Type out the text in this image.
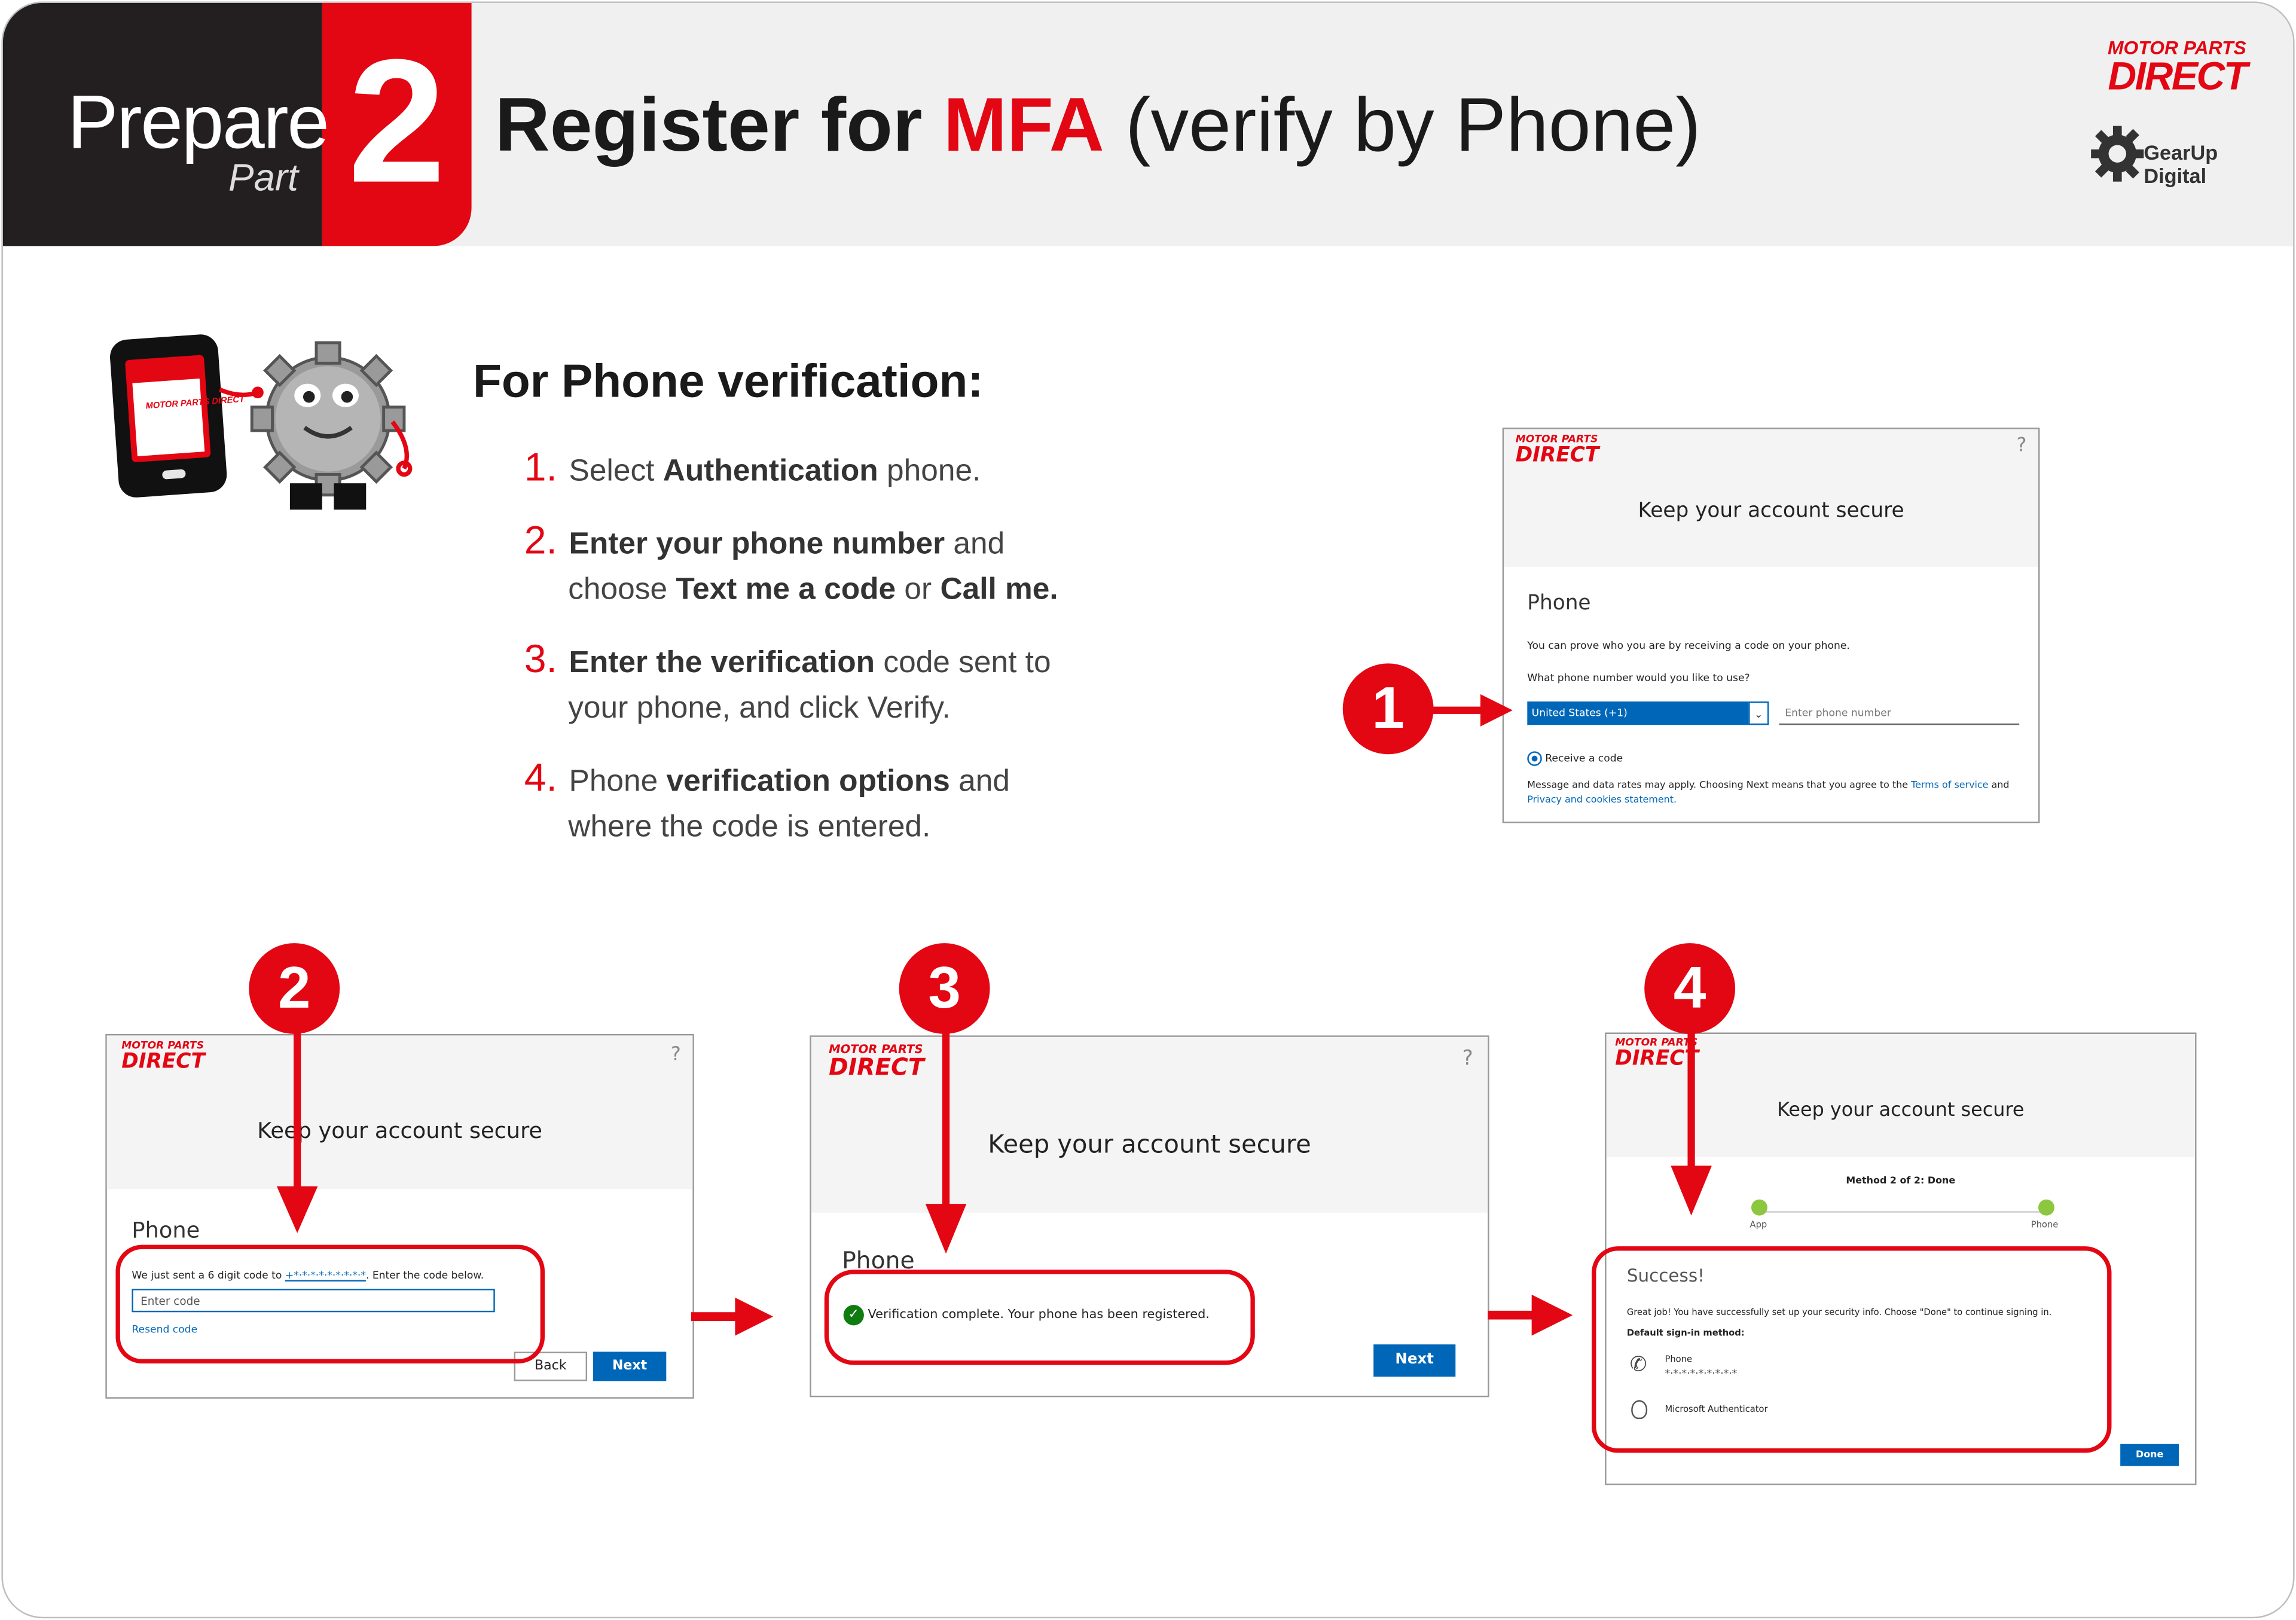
Prepare
Part 2	Register for MFA (verify by Phone)
MOTOR PARTS
DIRECT
GearUp
Digital
MOTOR PARTS DIRECT	For Phone verification:
1. Select Authentication phone.
2. Enter your phone number and
choose Text me a code or Call me.
3. Enter the verification code sent to
your phone, and click Verify.
4. Phone verification options and
where the code is entered.
MOTOR PARTS
DIRECT	?
Keep your account secure
Phone
You can prove who you are by receiving a code on your phone.
What phone number would you like to use?
United States (+1)	⌄	Enter phone number
Receive a code
Message and data rates may apply. Choosing Next means that you agree to the Terms of service and Privacy and cookies statement.
1
MOTOR PARTS
DIRECT	?
Keep your account secure
Phone
We just sent a 6 digit code to +*·*·*·*·*·*·*·*·*. Enter the code below.
Enter code
Resend code
Back	Next
2
MOTOR PARTS
DIRECT	?
Keep your account secure
Phone
✓ Verification complete. Your phone has been registered.
Next
3
MOTOR PARTS
DIRECT
Keep your account secure
Method 2 of 2: Done
App	Phone
Success!
Great job! You have successfully set up your security info. Choose "Done" to continue signing in.
Default sign-in method:
✆	Phone
*·*·*·*·*·*·*·*·*
Microsoft Authenticator
Done
4
